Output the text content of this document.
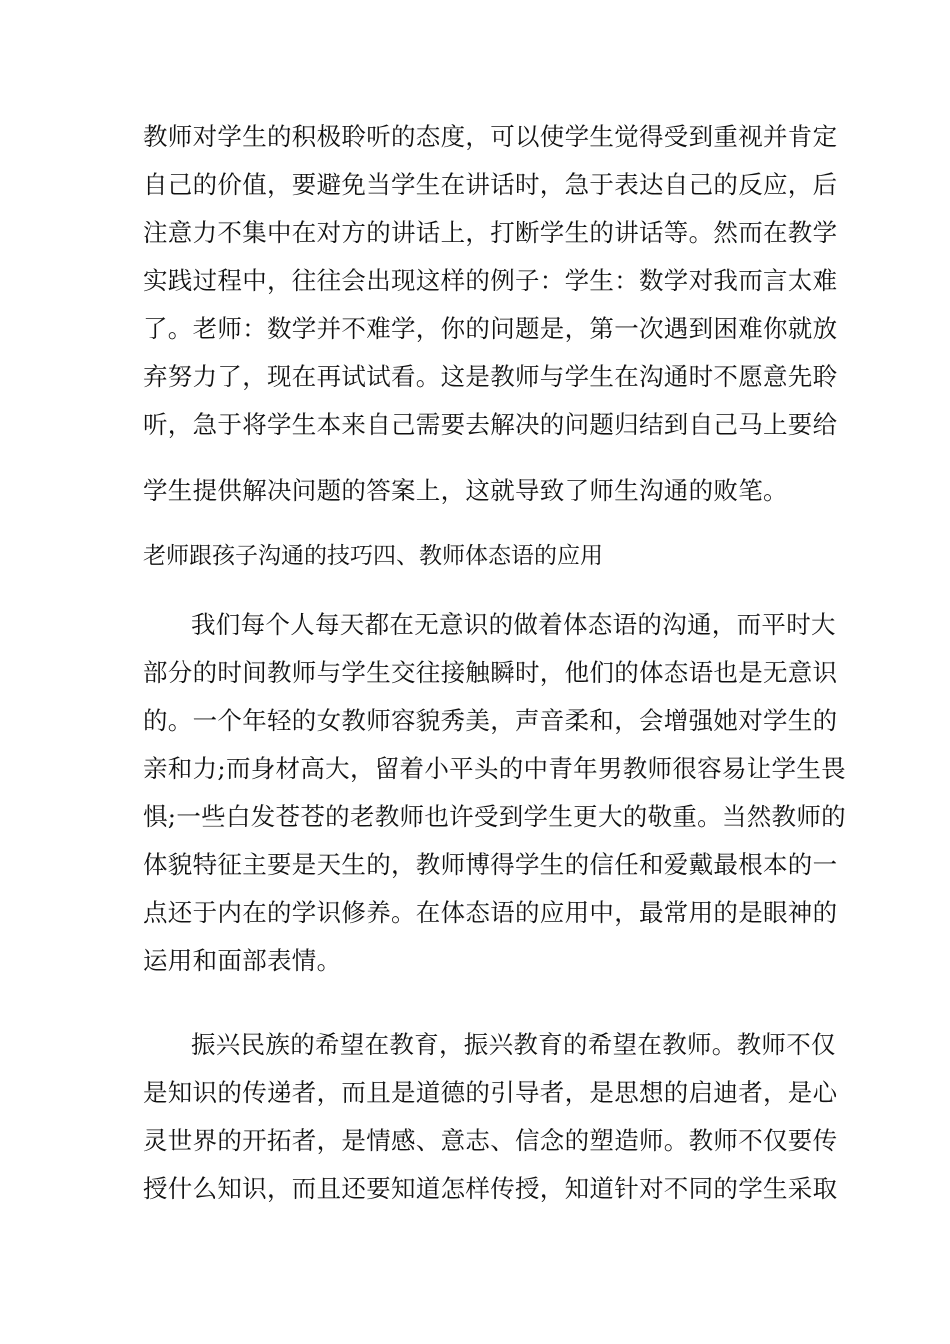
教师对学生的积极聆听的态度，可以使学生觉得受到重视并肯定
自己的价值，要避免当学生在讲话时，急于表达自己的反应，后
注意力不集中在对方的讲话上，打断学生的讲话等。然而在教学
实践过程中，往往会出现这样的例子：学生：数学对我而言太难
了。老师：数学并不难学，你的问题是，第一次遇到困难你就放
弃努力了，现在再试试看。这是教师与学生在沟通时不愿意先聆
听，急于将学生本来自己需要去解决的问题归结到自己马上要给
学生提供解决问题的答案上，这就导致了师生沟通的败笔。
老师跟孩子沟通的技巧四、教师体态语的应用
我们每个人每天都在无意识的做着体态语的沟通，而平时大
部分的时间教师与学生交往接触瞬时，他们的体态语也是无意识
的。一个年轻的女教师容貌秀美，声音柔和，会增强她对学生的
亲和力;而身材高大，留着小平头的中青年男教师很容易让学生畏
惧;一些白发苍苍的老教师也许受到学生更大的敬重。当然教师的
体貌特征主要是天生的，教师博得学生的信任和爱戴最根本的一
点还于内在的学识修养。在体态语的应用中，最常用的是眼神的
运用和面部表情。
振兴民族的希望在教育，振兴教育的希望在教师。教师不仅
是知识的传递者，而且是道德的引导者，是思想的启迪者，是心
灵世界的开拓者，是情感、意志、信念的塑造师。教师不仅要传
授什么知识，而且还要知道怎样传授，知道针对不同的学生采取
